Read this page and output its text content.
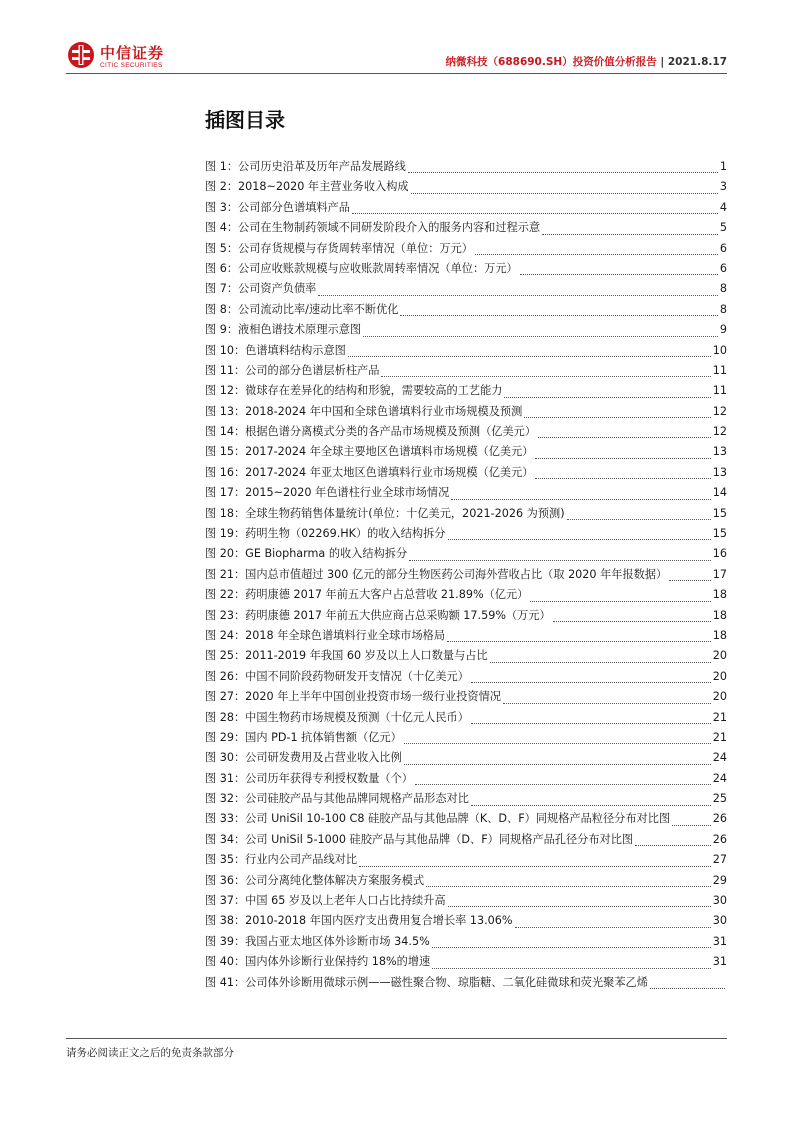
中信证券
CITIC SECURITIES	纳微科技（688690.SH）投资价值分析报告 | 2021.8.17
插图目录
图 1：公司历史沿革及历年产品发展路线	1
图 2：2018~2020 年主营业务收入构成	3
图 3：公司部分色谱填料产品	4
图 4：公司在生物制药领域不同研发阶段介入的服务内容和过程示意	5
图 5：公司存货规模与存货周转率情况（单位：万元）	6
图 6：公司应收账款规模与应收账款周转率情况（单位：万元）	6
图 7：公司资产负债率	8
图 8：公司流动比率/速动比率不断优化	8
图 9：液相色谱技术原理示意图	9
图 10：色谱填料结构示意图	10
图 11：公司的部分色谱层析柱产品	11
图 12：微球存在差异化的结构和形貌，需要较高的工艺能力	11
图 13：2018-2024 年中国和全球色谱填料行业市场规模及预测	12
图 14：根据色谱分离模式分类的各产品市场规模及预测（亿美元）	12
图 15：2017-2024 年全球主要地区色谱填料市场规模（亿美元）	13
图 16：2017-2024 年亚太地区色谱填料行业市场规模（亿美元）	13
图 17：2015~2020 年色谱柱行业全球市场情况	14
图 18：全球生物药销售体量统计(单位：十亿美元，2021-2026 为预测)	15
图 19：药明生物（02269.HK）的收入结构拆分	15
图 20：GE Biopharma 的收入结构拆分	16
图 21：国内总市值超过 300 亿元的部分生物医药公司海外营收占比（取 2020 年年报数据）	17
图 22：药明康德 2017 年前五大客户占总营收 21.89%（亿元）	18
图 23：药明康德 2017 年前五大供应商占总采购额 17.59%（万元）	18
图 24：2018 年全球色谱填料行业全球市场格局	18
图 25：2011-2019 年我国 60 岁及以上人口数量与占比	20
图 26：中国不同阶段药物研发开支情况（十亿美元）	20
图 27：2020 年上半年中国创业投资市场一级行业投资情况	20
图 28：中国生物药市场规模及预测（十亿元人民币）	21
图 29：国内 PD-1 抗体销售额（亿元）	21
图 30：公司研发费用及占营业收入比例	24
图 31：公司历年获得专利授权数量（个）	24
图 32：公司硅胶产品与其他品牌同规格产品形态对比	25
图 33：公司 UniSil 10-100 C8 硅胶产品与其他品牌（K、D、F）同规格产品粒径分布对比图	26
图 34：公司 UniSil 5-1000 硅胶产品与其他品牌（D、F）同规格产品孔径分布对比图	26
图 35：行业内公司产品线对比	27
图 36：公司分离纯化整体解决方案服务模式	29
图 37：中国 65 岁及以上老年人口占比持续升高	30
图 38：2010-2018 年国内医疗支出费用复合增长率 13.06%	30
图 39：我国占亚太地区体外诊断市场 34.5%	31
图 40：国内体外诊断行业保持约 18%的增速	31
图 41：公司体外诊断用微球示例——磁性聚合物、琼脂糖、二氧化硅微球和荧光聚苯乙烯
请务必阅读正文之后的免责条款部分
